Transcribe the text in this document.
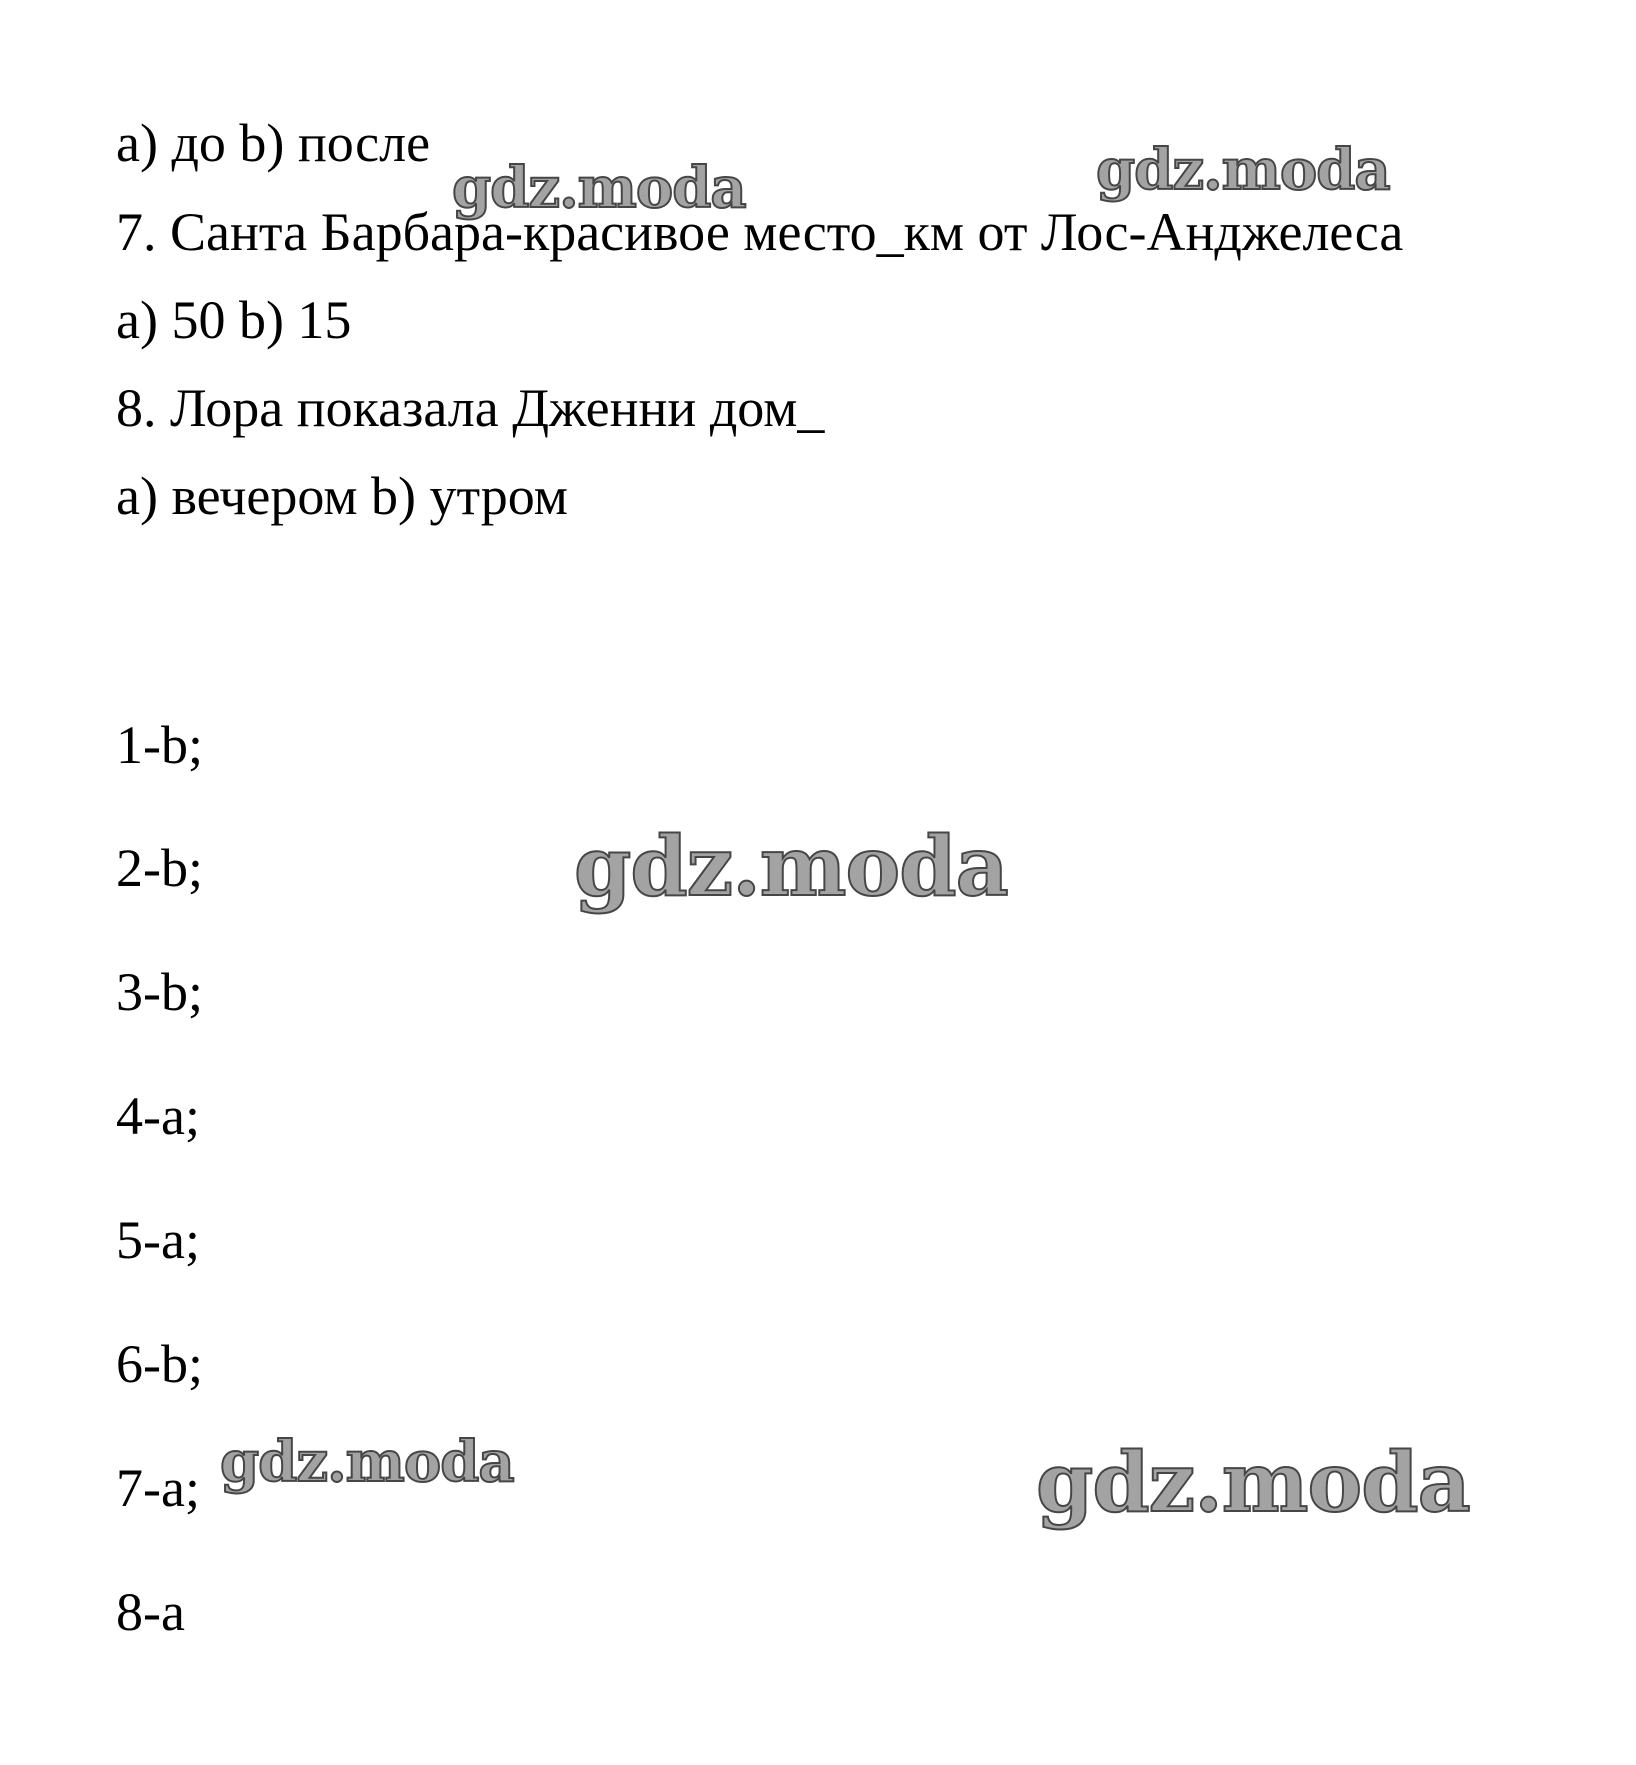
а) до b) после
7. Санта Барбара-красивое место_км от Лос-Анджелеса
а) 50 b) 15
8. Лора показала Дженни дом_
а) вечером b) утром
1-b;
2-b;
3-b;
4-a;
5-a;
6-b;
7-a;
8-a
gdz.moda	gdz.moda
gdz.moda
gdz.moda	gdz.moda
